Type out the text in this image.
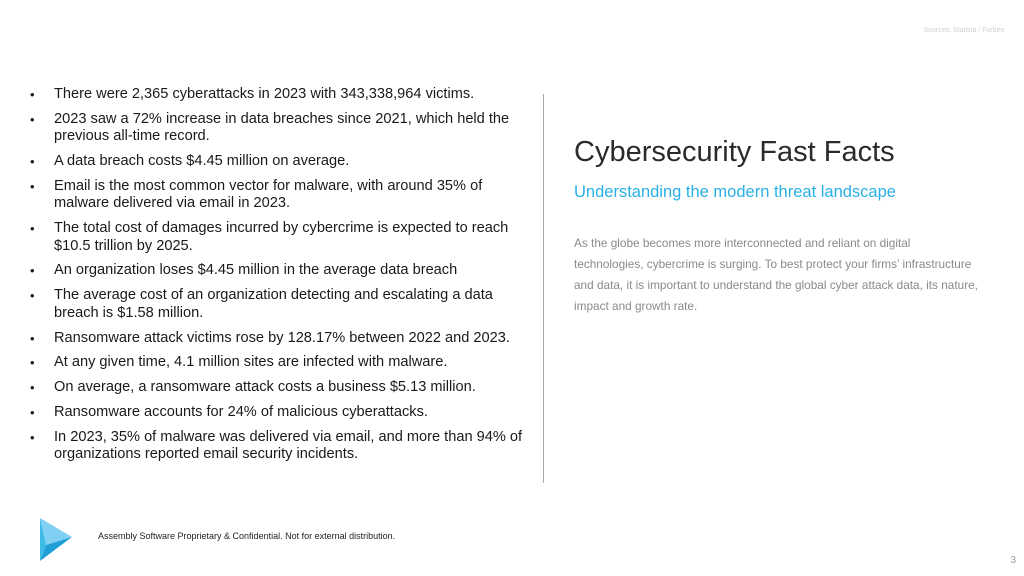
Sources: Statista / Forbes
• There were 2,365 cyberattacks in 2023 with 343,338,964 victims.
• 2023 saw a 72% increase in data breaches since 2021, which held the previous all-time record.
• A data breach costs $4.45 million on average.
• Email is the most common vector for malware, with around 35% of malware delivered via email in 2023.
• The total cost of damages incurred by cybercrime is expected to reach $10.5 trillion by 2025.
• An organization loses $4.45 million in the average data breach
• The average cost of an organization detecting and escalating a data breach is $1.58 million.
• Ransomware attack victims rose by 128.17% between 2022 and 2023.
• At any given time, 4.1 million sites are infected with malware.
• On average, a ransomware attack costs a business $5.13 million.
• Ransomware accounts for 24% of malicious cyberattacks.
• In 2023, 35% of malware was delivered via email, and more than 94% of organizations reported email security incidents.
Cybersecurity Fast Facts
Understanding the modern threat landscape

As the globe becomes more interconnected and reliant on digital technologies, cybercrime is surging. To best protect your firms’ infrastructure and data, it is important to understand the global cyber attack data, its nature, impact and growth rate.

Assembly Software Proprietary & Confidential. Not for external distribution.
3
